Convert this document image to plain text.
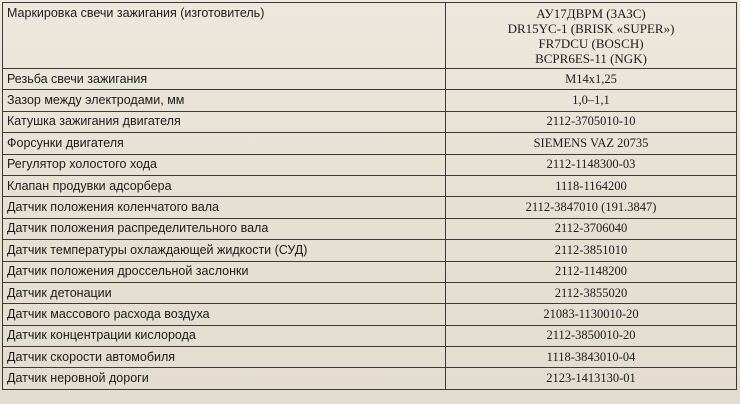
Маркировка свечи зажигания (изготовитель)	АУ17ДВРМ (ЗАЗС)
DR15YC-1 (BRISK «SUPER»)
FR7DCU (BOSCH)
BCPR6ES-11 (NGK)

Резьба свечи зажигания	М14х1,25
Зазор между электродами, мм	1,0–1,1
Катушка зажигания двигателя	2112-3705010-10
Форсунки двигателя	SIEMENS VAZ 20735
Регулятор холостого хода	2112-1148300-03
Клапан продувки адсорбера	1118-1164200
Датчик положения коленчатого вала	2112-3847010 (191.3847)
Датчик положения распределительного вала	2112-3706040
Датчик температуры охлаждающей жидкости (СУД)	2112-3851010
Датчик положения дроссельной заслонки	2112-1148200
Датчик детонации	2112-3855020
Датчик массового расхода воздуха	21083-1130010-20
Датчик концентрации кислорода	2112-3850010-20
Датчик скорости автомобиля	1118-3843010-04
Датчик неровной дороги	2123-1413130-01
